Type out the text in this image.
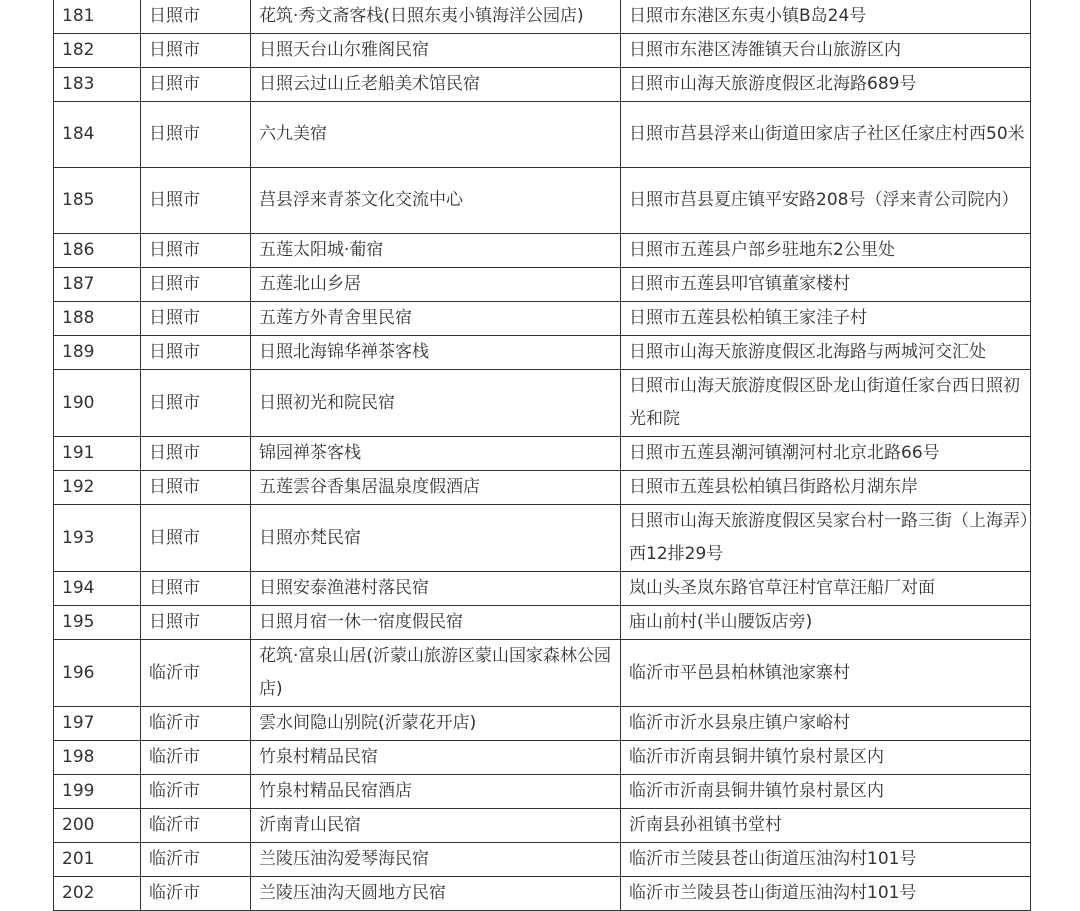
181	日照市	花筑·秀文斋客栈(日照东夷小镇海洋公园店)	日照市东港区东夷小镇B岛24号
182	日照市	日照天台山尔雅阁民宿	日照市东港区涛雒镇天台山旅游区内
183	日照市	日照云过山丘老船美术馆民宿	日照市山海天旅游度假区北海路689号
184	日照市	六九美宿	日照市莒县浮来山街道田家店子社区任家庄村西50米
185	日照市	莒县浮来青茶文化交流中心	日照市莒县夏庄镇平安路208号（浮来青公司院内）
186	日照市	五莲太阳城·葡宿	日照市五莲县户部乡驻地东2公里处
187	日照市	五莲北山乡居	日照市五莲县叩官镇董家楼村
188	日照市	五莲方外青舍里民宿	日照市五莲县松柏镇王家洼子村
189	日照市	日照北海锦华禅茶客栈	日照市山海天旅游度假区北海路与两城河交汇处
190	日照市	日照初光和院民宿	日照市山海天旅游度假区卧龙山街道任家台西日照初光和院
191	日照市	锦园禅茶客栈	日照市五莲县潮河镇潮河村北京北路66号
192	日照市	五莲雲谷香集居温泉度假酒店	日照市五莲县松柏镇吕街路松月湖东岸
193	日照市	日照亦梵民宿	日照市山海天旅游度假区吴家台村一路三街（上海弄）西12排29号
194	日照市	日照安泰渔港村落民宿	岚山头圣岚东路官草汪村官草汪船厂对面
195	日照市	日照月宿一休一宿度假民宿	庙山前村(半山腰饭店旁)
196	临沂市	花筑·富泉山居(沂蒙山旅游区蒙山国家森林公园店)	临沂市平邑县柏林镇池家寨村
197	临沂市	雲水间隐山别院(沂蒙花开店)	临沂市沂水县泉庄镇户家峪村
198	临沂市	竹泉村精品民宿	临沂市沂南县铜井镇竹泉村景区内
199	临沂市	竹泉村精品民宿酒店	临沂市沂南县铜井镇竹泉村景区内
200	临沂市	沂南青山民宿	沂南县孙祖镇书堂村
201	临沂市	兰陵压油沟爱琴海民宿	临沂市兰陵县苍山街道压油沟村101号
202	临沂市	兰陵压油沟天圆地方民宿	临沂市兰陵县苍山街道压油沟村101号
